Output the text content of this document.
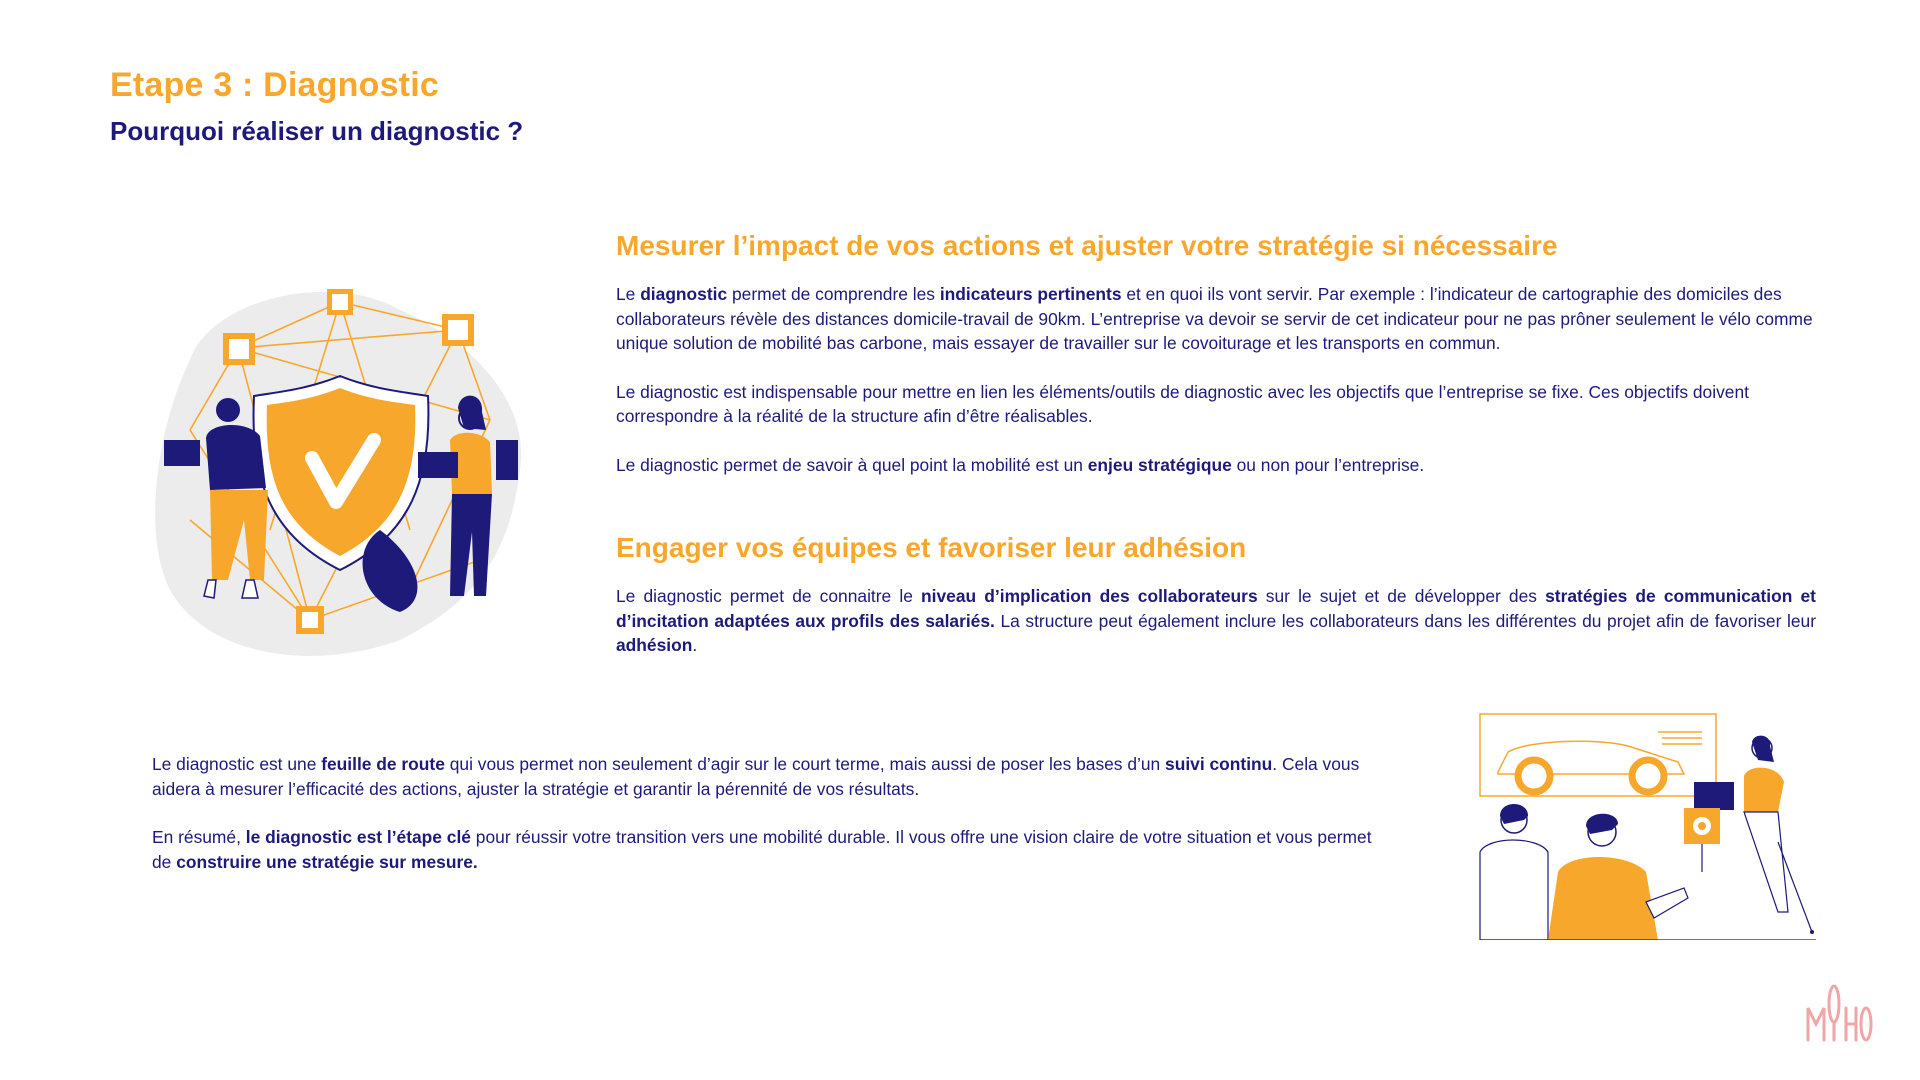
Etape 3 : Diagnostic
Pourquoi réaliser un diagnostic ?
Mesurer l’impact de vos actions et ajuster votre stratégie si nécessaire

Le diagnostic permet de comprendre les indicateurs pertinents et en quoi ils vont servir. Par exemple : l’indicateur de cartographie des domiciles des collaborateurs révèle des distances domicile-travail de 90km. L’entreprise va devoir se servir de cet indicateur pour ne pas prôner seulement le vélo comme unique solution de mobilité bas carbone, mais essayer de travailler sur le covoiturage et les transports en commun.

Le diagnostic est indispensable pour mettre en lien les éléments/outils de diagnostic avec les objectifs que l’entreprise se fixe. Ces objectifs doivent correspondre à la réalité de la structure afin d’être réalisables.

Le diagnostic permet de savoir à quel point la mobilité est un enjeu stratégique ou non pour l’entreprise.

Engager vos équipes et favoriser leur adhésion

Le diagnostic permet de connaitre le niveau d’implication des collaborateurs sur le sujet et de développer des stratégies de communication et d’incitation adaptées aux profils des salariés. La structure peut également inclure les collaborateurs dans les différentes du projet afin de favoriser leur adhésion.

Le diagnostic est une feuille de route qui vous permet non seulement d’agir sur le court terme, mais aussi de poser les bases d’un suivi continu. Cela vous aidera à mesurer l’efficacité des actions, ajuster la stratégie et garantir la pérennité de vos résultats.

En résumé, le diagnostic est l’étape clé pour réussir votre transition vers une mobilité durable. Il vous offre une vision claire de votre situation et vous permet de construire une stratégie sur mesure.
